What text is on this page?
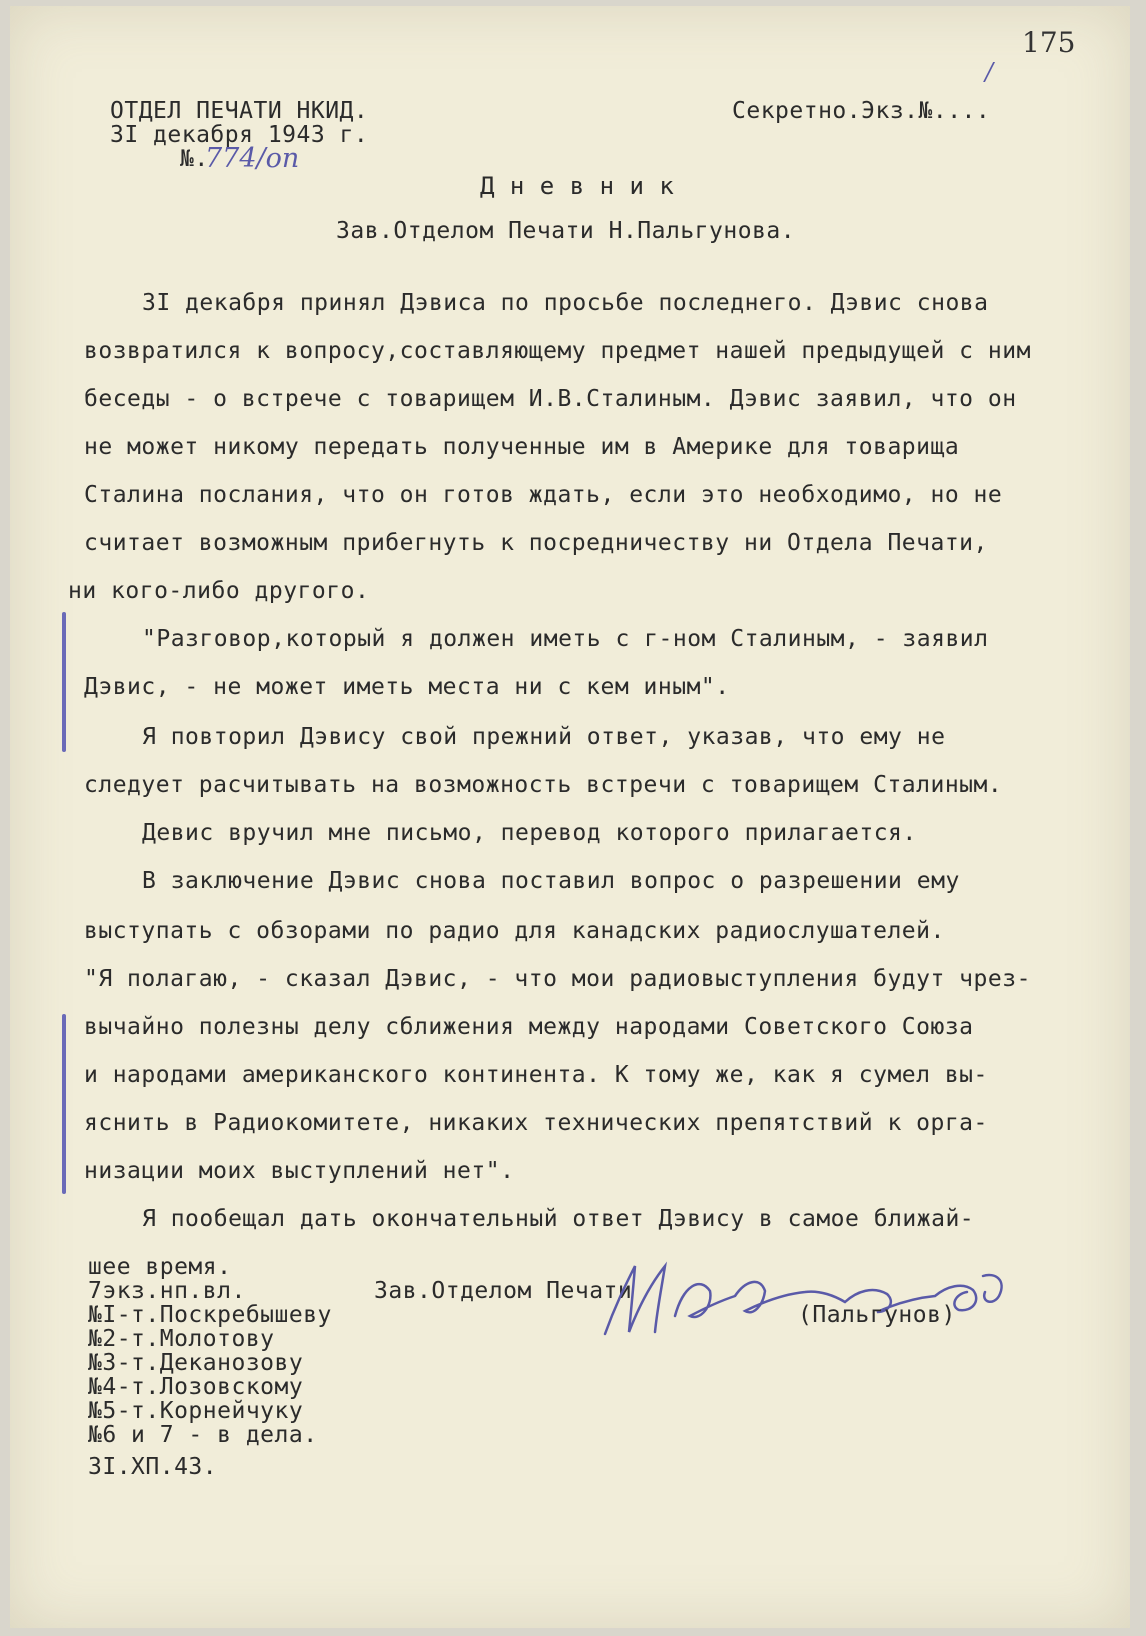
175
/
ОТДЕЛ ПЕЧАТИ НКИД.
3I декабря 1943 г.
№.
774/оп
Секретно.Экз.№....
Д н е в н и к
Зав.Отделом Печати Н.Пальгунова.
3I декабря принял Дэвиса по просьбе последнего. Дэвис снова
возвратился к вопросу,составляющему предмет нашей предыдущей с ним
беседы - о встрече с товарищем И.В.Сталиным. Дэвис заявил, что он
не может никому передать полученные им в Америке для товарища
Сталина послания, что он готов ждать, если это необходимо, но не
считает возможным прибегнуть к посредничеству ни Отдела Печати,
ни кого-либо другого.
"Разговор,который я должен иметь с г-ном Сталиным, - заявил
Дэвис, - не может иметь места ни с кем иным".
Я повторил Дэвису свой прежний ответ, указав, что ему не
следует расчитывать на возможность встречи с товарищем Сталиным.
Девис вручил мне письмо, перевод которого прилагается.
В заключение Дэвис снова поставил вопрос о разрешении ему
выступать с обзорами по радио для канадских радиослушателей.
"Я полагаю, - сказал Дэвис, - что мои радиовыступления будут чрез-
вычайно полезны делу сближения между народами Советского Союза
и народами американского континента. К тому же, как я сумел вы-
яснить в Радиокомитете, никаких технических препятствий к орга-
низации моих выступлений нет".
Я пообещал дать окончательный ответ Дэвису в самое ближай-
шее время.
Зав.Отделом Печати
(Пальгунов)
7экз.нп.вл.
№I-т.Поскребышеву
№2-т.Молотову
№3-т.Деканозову
№4-т.Лозовскому
№5-т.Корнейчуку
№6 и 7 - в дела.
3I.XП.43.
